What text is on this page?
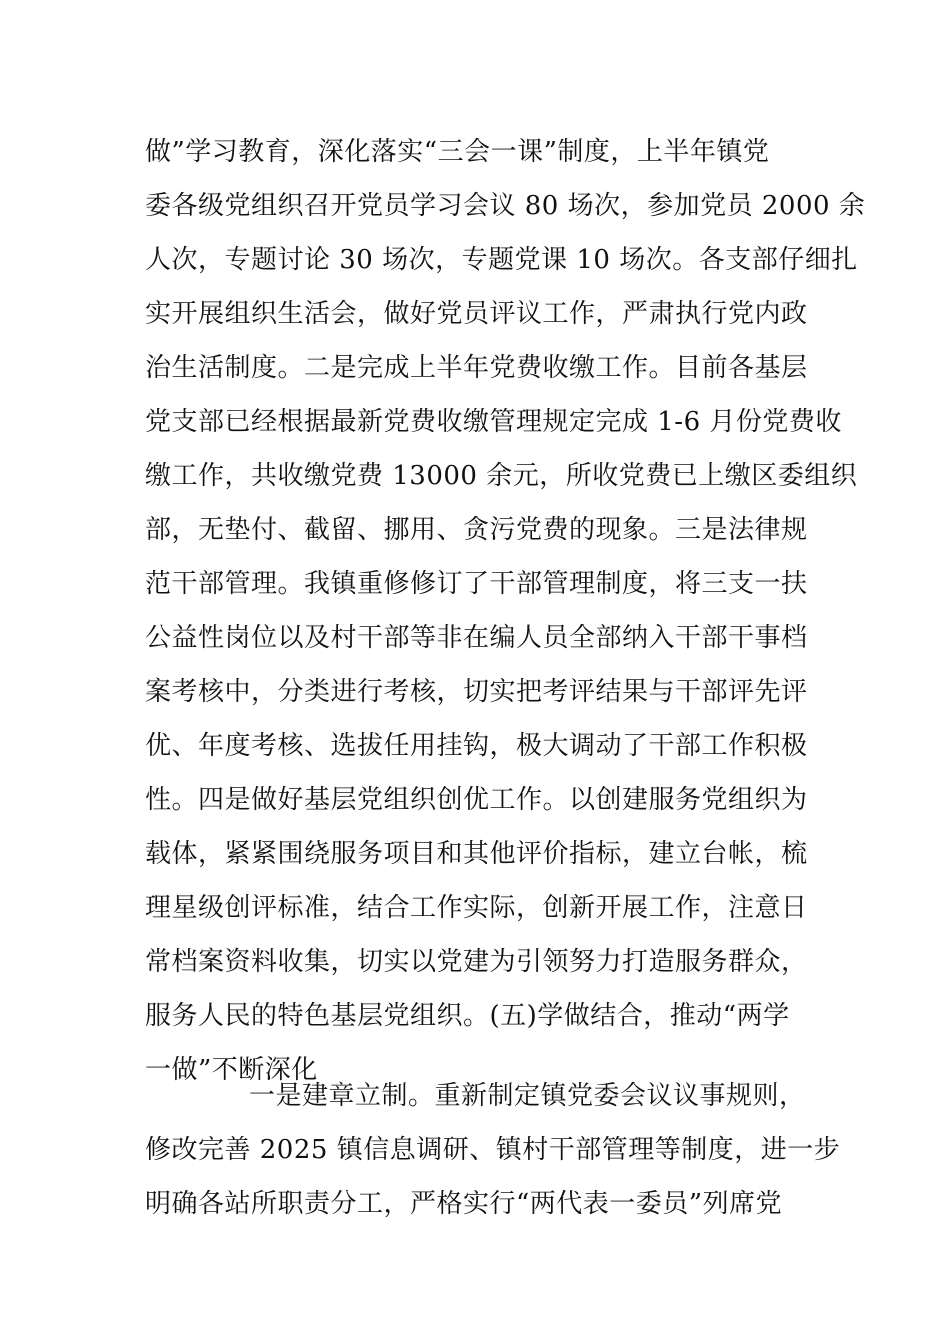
做”学习教育，深化落实“三会一课”制度，上半年镇党
委各级党组织召开党员学习会议 80 场次，参加党员 2000 余
人次，专题讨论 30 场次，专题党课 10 场次。各支部仔细扎
实开展组织生活会，做好党员评议工作，严肃执行党内政
治生活制度。二是完成上半年党费收缴工作。目前各基层
党支部已经根据最新党费收缴管理规定完成 1-6 月份党费收
缴工作，共收缴党费 13000 余元，所收党费已上缴区委组织
部，无垫付、截留、挪用、贪污党费的现象。三是法律规
范干部管理。我镇重修修订了干部管理制度，将三支一扶
公益性岗位以及村干部等非在编人员全部纳入干部干事档
案考核中，分类进行考核，切实把考评结果与干部评先评
优、年度考核、选拔任用挂钩，极大调动了干部工作积极
性。四是做好基层党组织创优工作。以创建服务党组织为
载体，紧紧围绕服务项目和其他评价指标，建立台帐，梳
理星级创评标准，结合工作实际，创新开展工作，注意日
常档案资料收集，切实以党建为引领努力打造服务群众，
服务人民的特色基层党组织。(五)学做结合，推动“两学
一做”不断深化
一是建章立制。重新制定镇党委会议议事规则，
修改完善 2025 镇信息调研、镇村干部管理等制度，进一步
明确各站所职责分工，严格实行“两代表一委员”列席党
